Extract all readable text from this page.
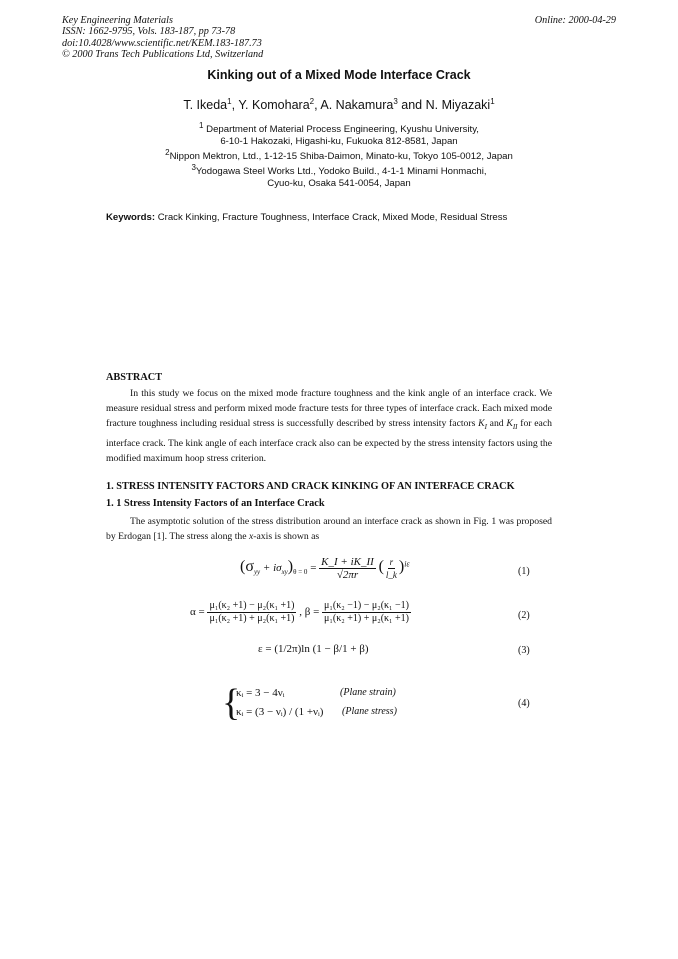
Key Engineering Materials
ISSN: 1662-9795, Vols. 183-187, pp 73-78
doi:10.4028/www.scientific.net/KEM.183-187.73
© 2000 Trans Tech Publications Ltd, Switzerland
Online: 2000-04-29
Kinking out of a Mixed Mode Interface Crack
T. Ikeda$^1$, Y. Komohara$^2$, A. Nakamura$^3$ and N. Miyazaki$^1$
$^1$ Department of Material Process Engineering, Kyushu University,
6-10-1 Hakozaki, Higashi-ku, Fukuoka 812-8581, Japan
$^2$Nippon Mektron, Ltd., 1-12-15 Shiba-Daimon, Minato-ku, Tokyo 105-0012, Japan
$^3$Yodogawa Steel Works Ltd., Yodoko Build., 4-1-1 Minami Honmachi,
Cyuo-ku, Osaka 541-0054, Japan
Keywords: Crack Kinking, Fracture Toughness, Interface Crack, Mixed Mode, Residual Stress
ABSTRACT
In this study we focus on the mixed mode fracture toughness and the kink angle of an interface crack. We measure residual stress and perform mixed mode fracture tests for three types of interface crack. Each mixed mode fracture toughness including residual stress is successfully described by stress intensity factors $K_I$ and $K_{II}$ for each interface crack. The kink angle of each interface crack also can be expected by the stress intensity factors using the modified maximum hoop stress criterion.
1. STRESS INTENSITY FACTORS AND CRACK KINKING OF AN INTERFACE CRACK
1. 1 Stress Intensity Factors of an Interface Crack
The asymptotic solution of the stress distribution around an interface crack as shown in Fig. 1 was proposed by Erdogan [1]. The stress along the x-axis is shown as
$(\sigma_{yy} + i\sigma_{xy})_{\theta = 0} = \frac{K\_I + iK\_II}{√2\pi r}$ ( $\frac{r}{l\_k} )^{i\varepsilon}$
(1)
$\alpha = \frac{\text{μ₁(κ₂ +1) − μ₂(κ₁ +1)}}{\text{μ₁(κ₂ +1) + μ₂(κ₁ +1)}}$ , $\beta = \frac{\text{μ₁(κ₂ −1) − μ₂(κ₁ −1)}}{\text{μ₁(κ₂ +1) + μ₂(κ₁ +1)}}$	(2)
ε = (1/2π)ln (1 − β/1 + β)	(3)
{
κᵢ = 3 − 4νᵢ	(Plane strain)
κᵢ = (3 − νᵢ) / (1 +νᵢ) (Plane stress)
(4)
